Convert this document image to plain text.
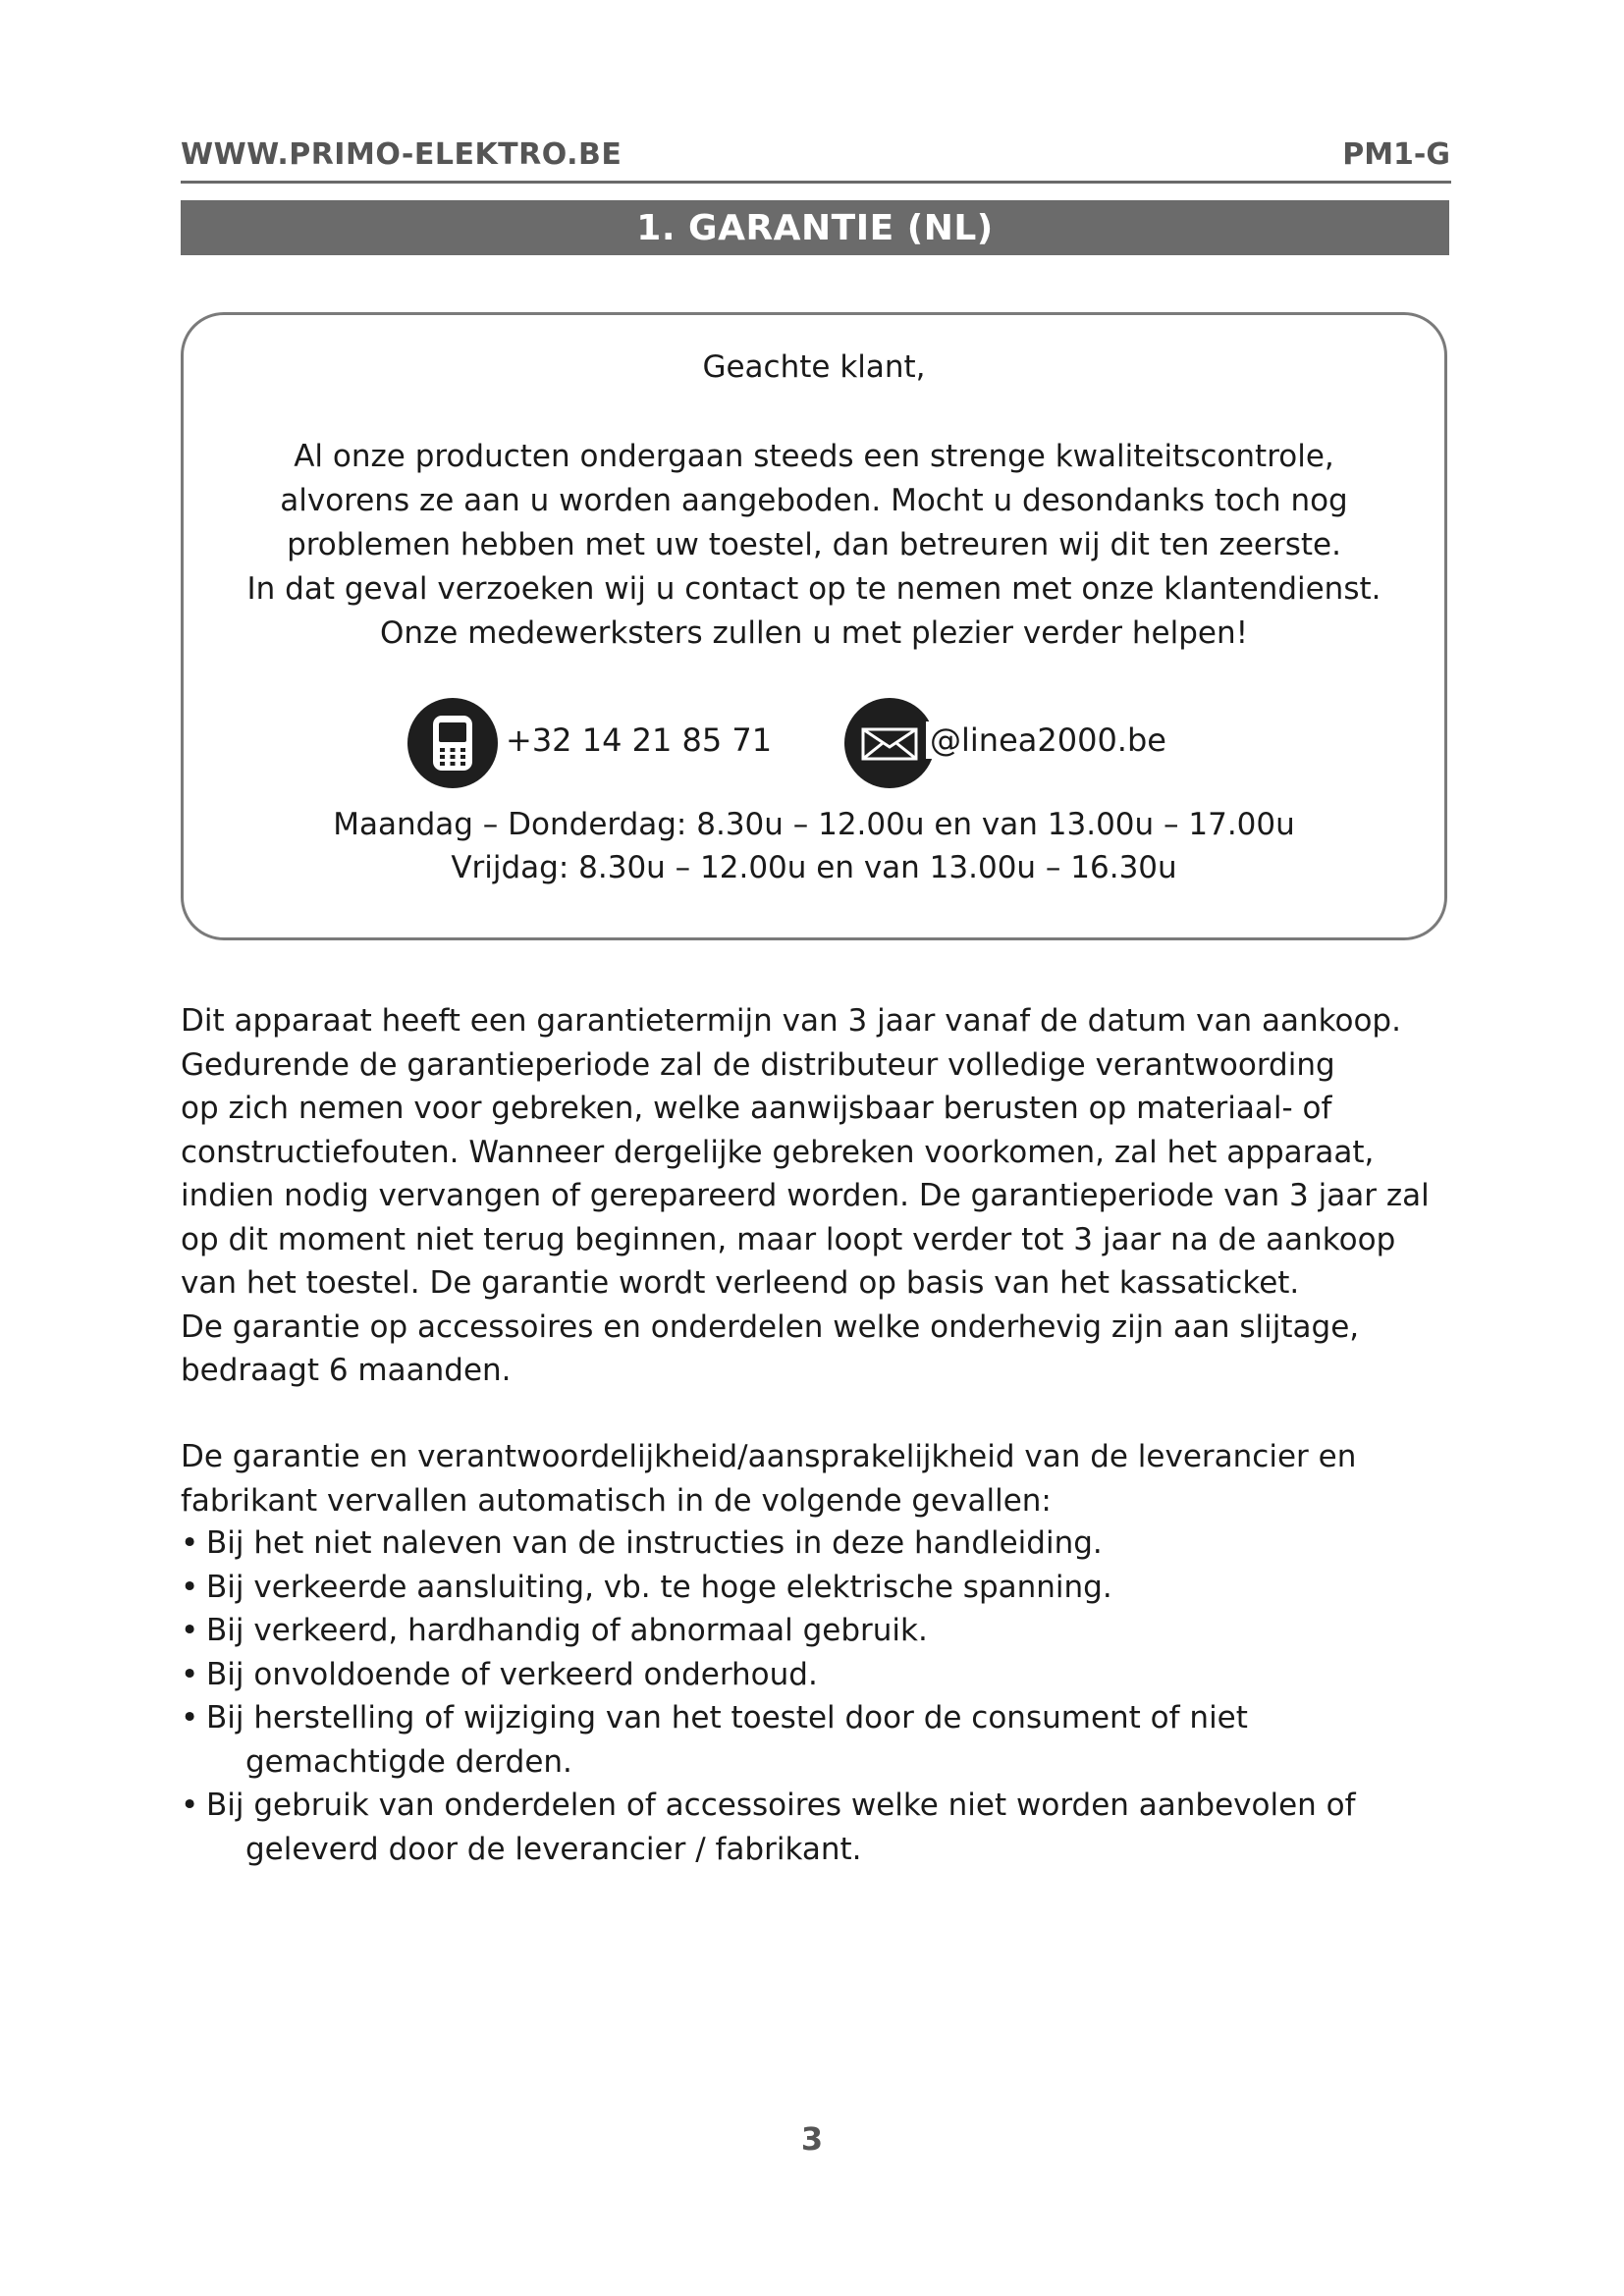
WWW.PRIMO-ELEKTRO.BE	PM1-G
1. GARANTIE (NL)
Geachte klant,
Al onze producten ondergaan steeds een strenge kwaliteitscontrole,
alvorens ze aan u worden aangeboden. Mocht u desondanks toch nog
problemen hebben met uw toestel, dan betreuren wij dit ten zeerste.
In dat geval verzoeken wij u contact op te nemen met onze klantendienst.
Onze medewerksters zullen u met plezier verder helpen!
+32 14 21 85 71	@linea2000.be
Maandag – Donderdag: 8.30u – 12.00u en van 13.00u – 17.00u
Vrijdag: 8.30u – 12.00u en van 13.00u – 16.30u
Dit apparaat heeft een garantietermijn van 3 jaar vanaf de datum van aankoop.
Gedurende de garantieperiode zal de distributeur volledige verantwoording
op zich nemen voor gebreken, welke aanwijsbaar berusten op materiaal- of
constructiefouten. Wanneer dergelijke gebreken voorkomen, zal het apparaat,
indien nodig vervangen of gerepareerd worden. De garantieperiode van 3 jaar zal
op dit moment niet terug beginnen, maar loopt verder tot 3 jaar na de aankoop
van het toestel. De garantie wordt verleend op basis van het kassaticket.
De garantie op accessoires en onderdelen welke onderhevig zijn aan slijtage,
bedraagt 6 maanden.
De garantie en verantwoordelijkheid/aansprakelijkheid van de leverancier en
fabrikant vervallen automatisch in de volgende gevallen:
• Bij het niet naleven van de instructies in deze handleiding.
• Bij verkeerde aansluiting, vb. te hoge elektrische spanning.
• Bij verkeerd, hardhandig of abnormaal gebruik.
• Bij onvoldoende of verkeerd onderhoud.
• Bij herstelling of wijziging van het toestel door de consument of niet
gemachtigde derden.
• Bij gebruik van onderdelen of accessoires welke niet worden aanbevolen of
geleverd door de leverancier / fabrikant.
3
